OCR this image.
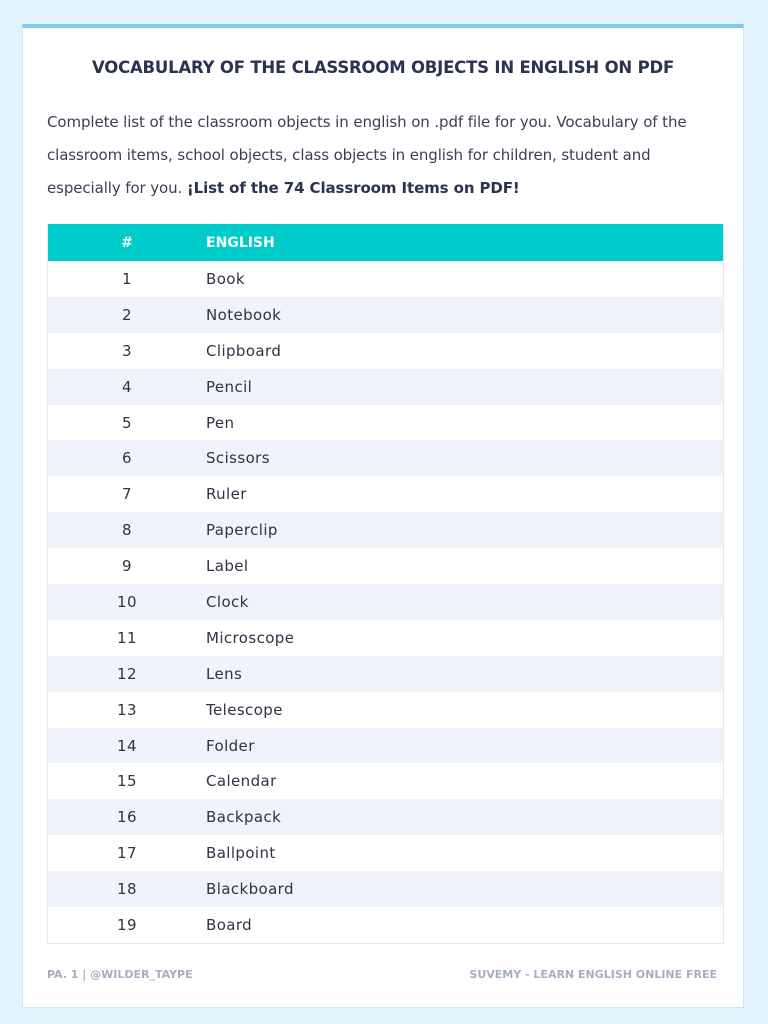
VOCABULARY OF THE CLASSROOM OBJECTS IN ENGLISH ON PDF
Complete list of the classroom objects in english on .pdf file for you. Vocabulary of the classroom items, school objects, class objects in english for children, student and especially for you. ¡List of the 74 Classroom Items on PDF!
#	ENGLISH
1	Book
2	Notebook
3	Clipboard
4	Pencil
5	Pen
6	Scissors
7	Ruler
8	Paperclip
9	Label
10	Clock
11	Microscope
12	Lens
13	Telescope
14	Folder
15	Calendar
16	Backpack
17	Ballpoint
18	Blackboard
19	Board
PA. 1 | @WILDER_TAYPE	SUVEMY - LEARN ENGLISH ONLINE FREE
